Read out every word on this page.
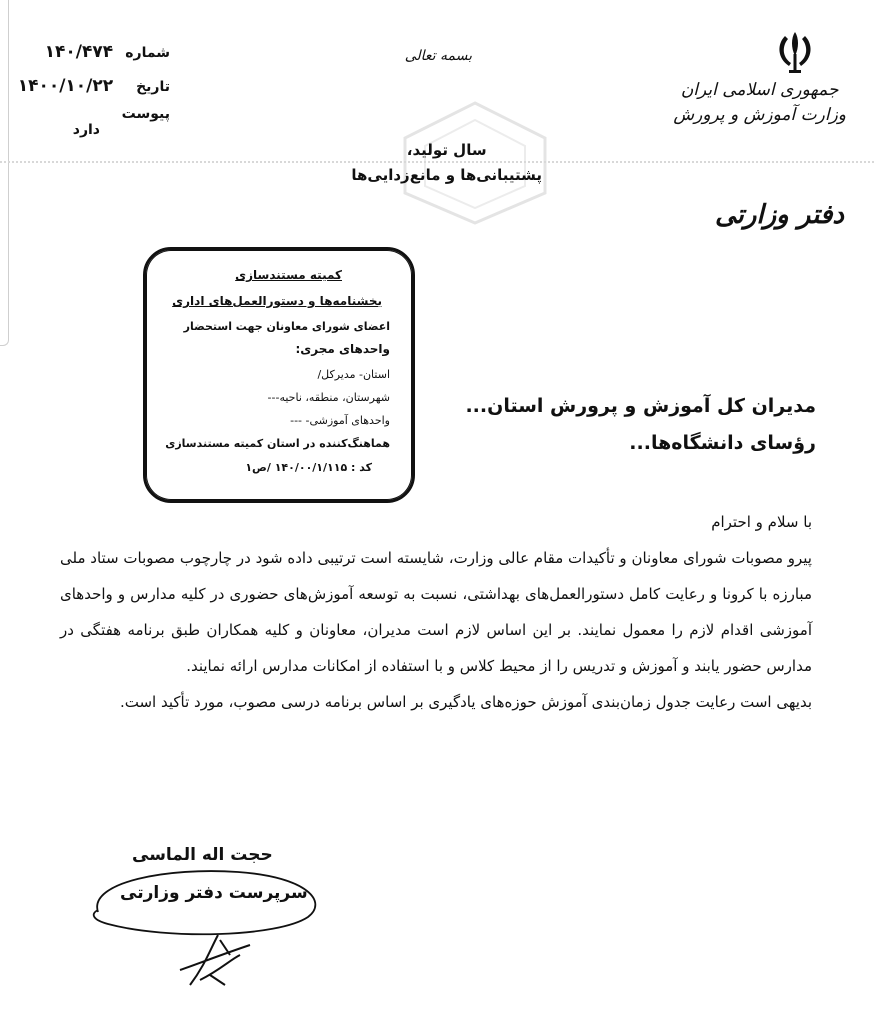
جمهوری اسلامی ایران
وزارت آموزش و پرورش
دفتر وزارتی
بسمه تعالی
سال تولید،
پشتیبانی‌ها و مانع‌زدایی‌ها
شماره ۱۴۰/۴۷۴
تاریخ ۱۴۰۰/۱۰/۲۲
پیوست
دارد
کمیته مستندسازی
بخشنامه‌ها و دستورالعمل‌های اداری
اعضای شورای معاونان جهت استحضار
واحدهای مجری:
استان- مدیرکل/
شهرستان، منطقه، ناحیه---
واحدهای آموزشی- ---
هماهنگ‌کننده در استان کمیته مستندسازی
کد : ۱۴۰/۰۰/۱/۱۱۵ /ص۱
مدیران کل آموزش و پرورش استان...
رؤسای دانشگاه‌ها...

با سلام و احترام

پیرو مصوبات شورای معاونان و تأکیدات مقام عالی وزارت، شایسته است ترتیبی داده شود در چارچوب مصوبات ستاد ملی مبارزه با کرونا و رعایت کامل دستورالعمل‌های بهداشتی، نسبت به توسعه آموزش‌های حضوری در کلیه مدارس و واحدهای آموزشی اقدام لازم را معمول نمایند. بر این اساس لازم است مدیران، معاونان و کلیه همکاران طبق برنامه هفتگی در مدارس حضور یابند و آموزش و تدریس را از محیط کلاس و با استفاده از امکانات مدارس ارائه نمایند.

بدیهی است رعایت جدول زمان‌بندی آموزش حوزه‌های یادگیری بر اساس برنامه درسی مصوب، مورد تأکید است.

حجت اله الماسی
سرپرست دفتر وزارتی
